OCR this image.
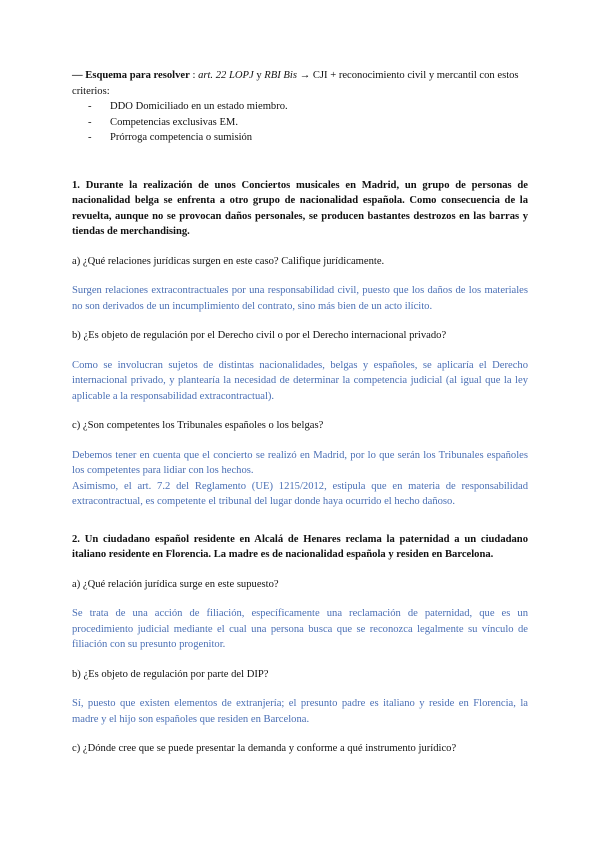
— Esquema para resolver : art. 22 LOPJ y RBI Bis → CJI + reconocimiento civil y mercantil con estos criterios:

- DDO Domiciliado en un estado miembro.
- Competencias exclusivas EM.
- Prórroga competencia o sumisión

1. Durante la realización de unos Conciertos musicales en Madrid, un grupo de personas de nacionalidad belga se enfrenta a otro grupo de nacionalidad española. Como consecuencia de la revuelta, aunque no se provocan daños personales, se producen bastantes destrozos en las barras y tiendas de merchandising.

a) ¿Qué relaciones jurídicas surgen en este caso? Califique jurídicamente.

Surgen relaciones extracontractuales por una responsabilidad civil, puesto que los daños de los materiales no son derivados de un incumplimiento del contrato, sino más bien de un acto ilícito.

b) ¿Es objeto de regulación por el Derecho civil o por el Derecho internacional privado?

Como se involucran sujetos de distintas nacionalidades, belgas y españoles, se aplicaría el Derecho internacional privado, y plantearía la necesidad de determinar la competencia judicial (al igual que la ley aplicable a la responsabilidad extracontractual).

c) ¿Son competentes los Tribunales españoles o los belgas?

Debemos tener en cuenta que el concierto se realizó en Madrid, por lo que serán los Tribunales españoles los competentes para lidiar con los hechos.

Asimismo, el art. 7.2 del Reglamento (UE) 1215/2012, estipula que en materia de responsabilidad extracontractual, es competente el tribunal del lugar donde haya ocurrido el hecho dañoso.

2. Un ciudadano español residente en Alcalá de Henares reclama la paternidad a un ciudadano italiano residente en Florencia. La madre es de nacionalidad española y residen en Barcelona.

a) ¿Qué relación jurídica surge en este supuesto?

Se trata de una acción de filiación, específicamente una reclamación de paternidad, que es un procedimiento judicial mediante el cual una persona busca que se reconozca legalmente su vínculo de filiación con su presunto progenitor.

b) ¿Es objeto de regulación por parte del DIP?

Sí, puesto que existen elementos de extranjería; el presunto padre es italiano y reside en Florencia, la madre y el hijo son españoles que residen en Barcelona.

c) ¿Dónde cree que se puede presentar la demanda y conforme a qué instrumento jurídico?
